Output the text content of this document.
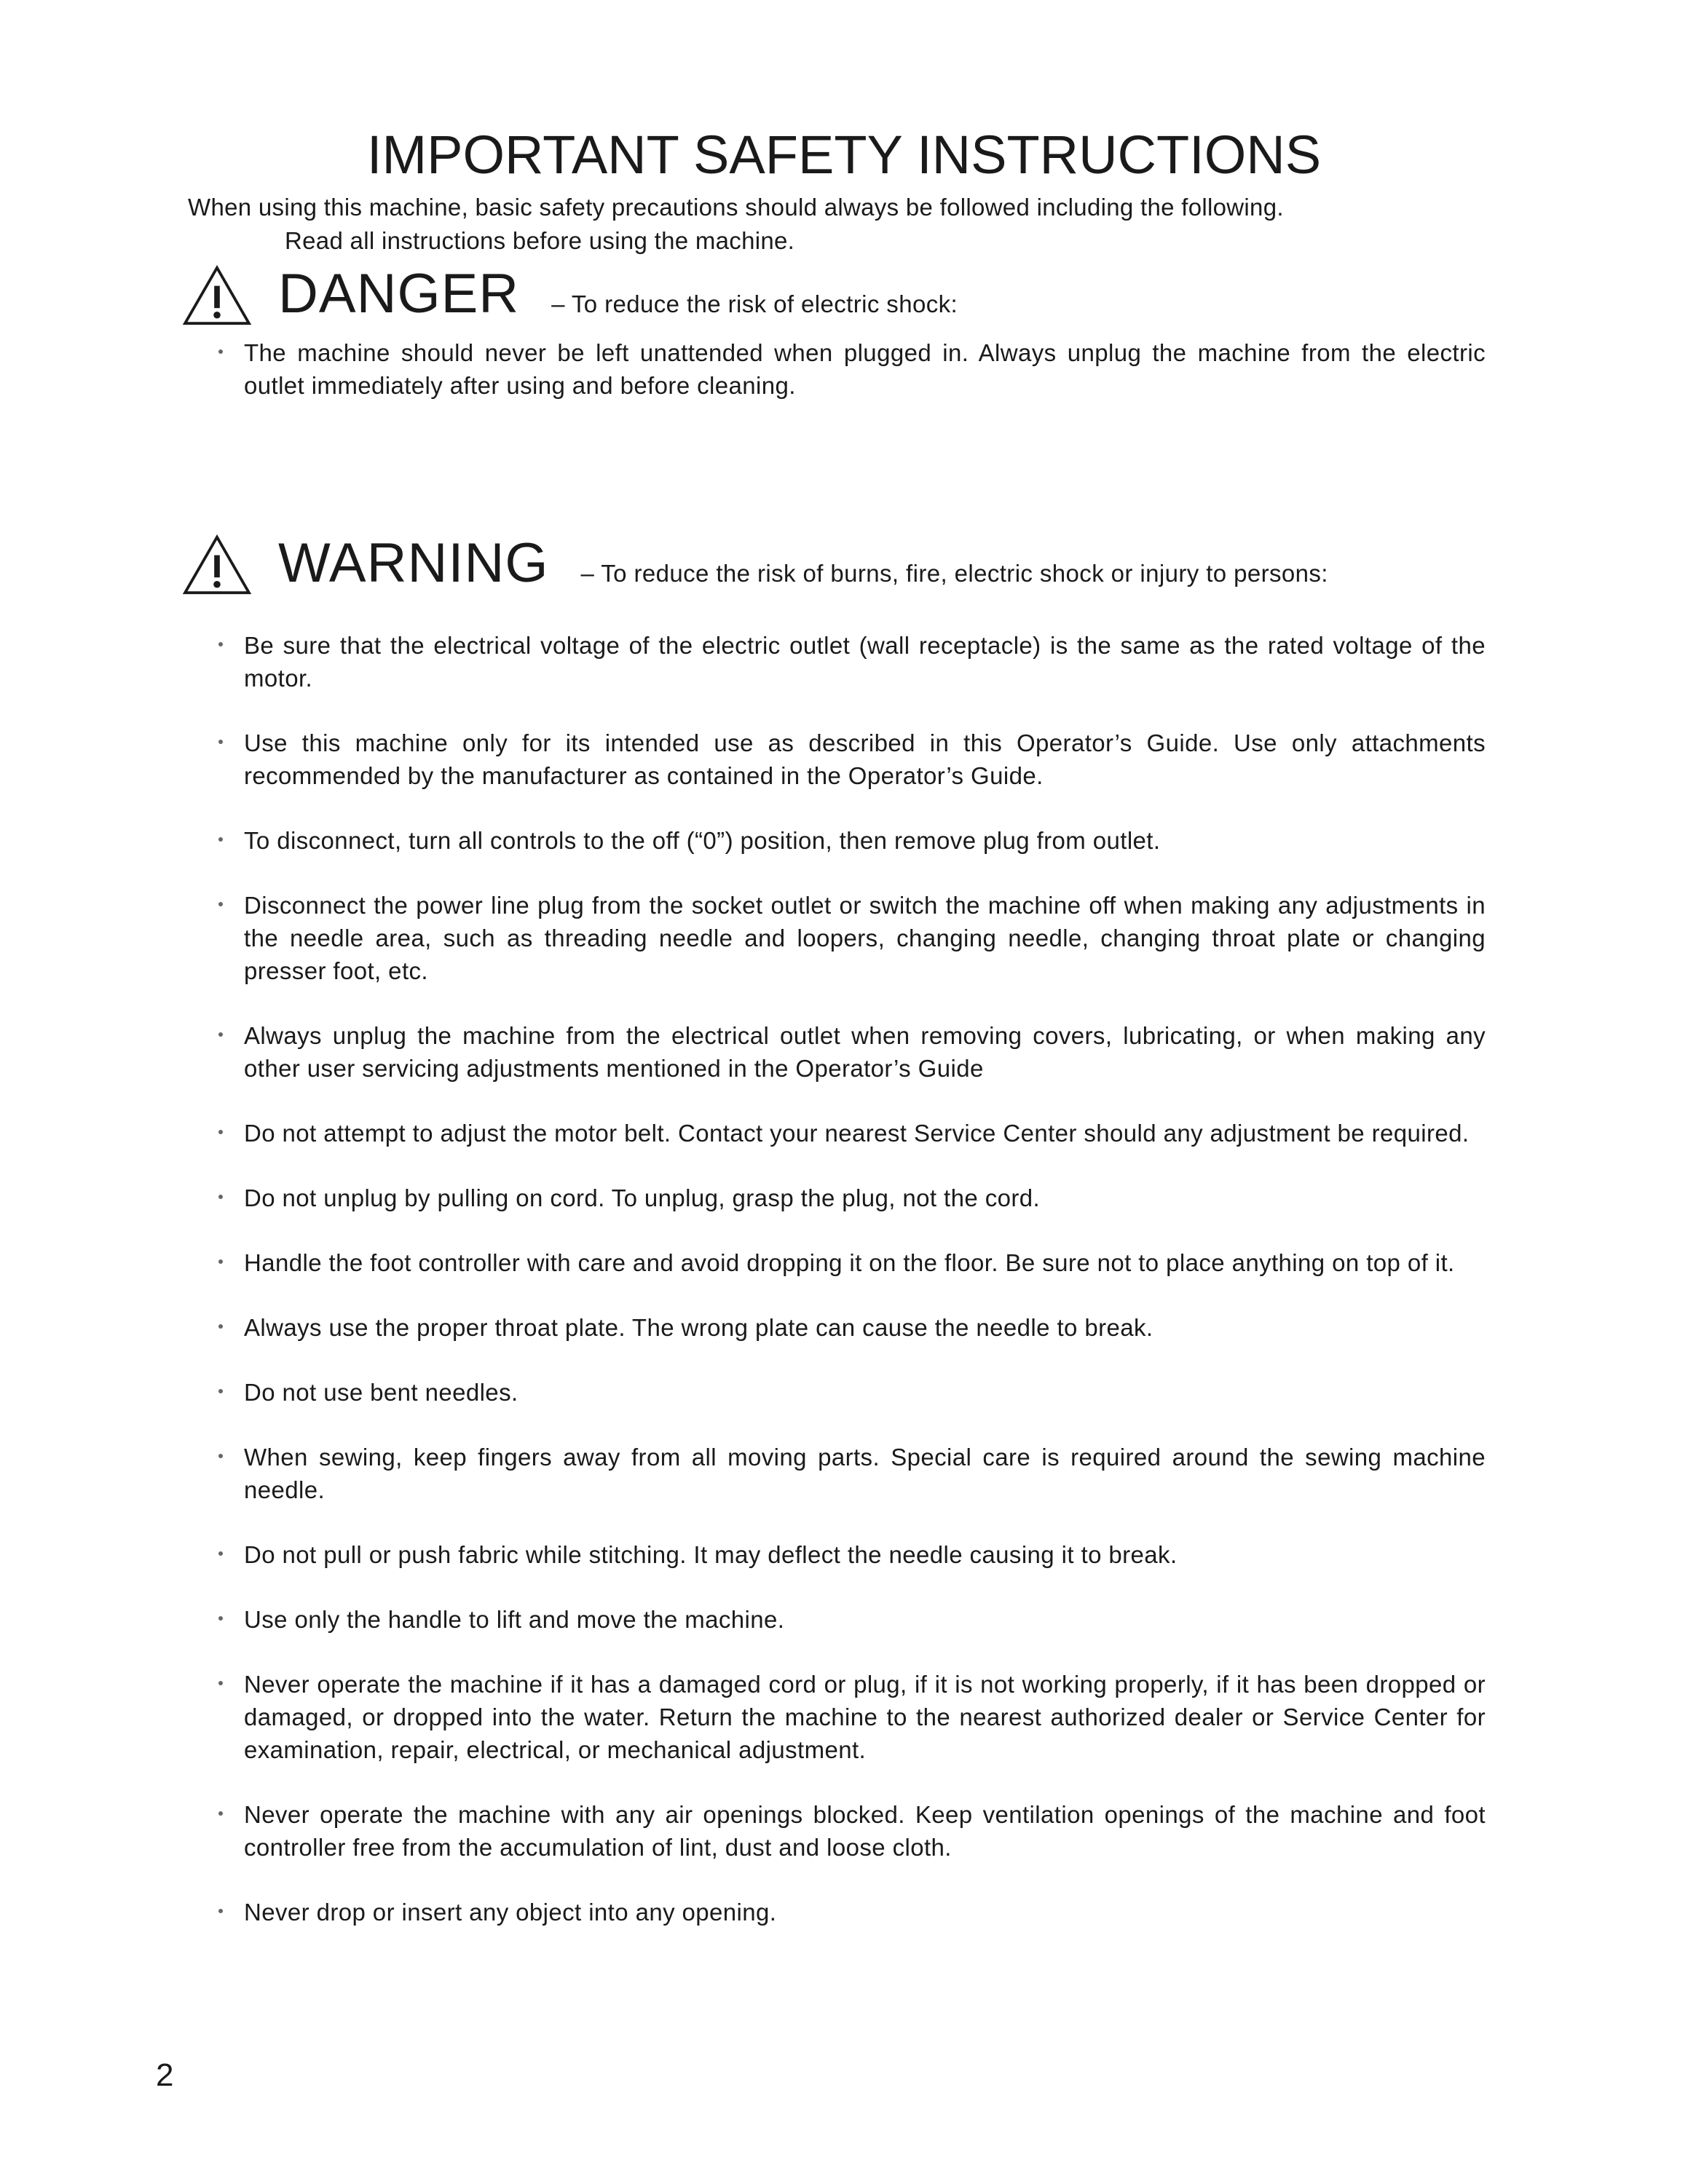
IMPORTANT SAFETY INSTRUCTIONS
When using this machine, basic safety precautions should always be followed including the following.
Read all instructions before using the machine.
DANGER – To reduce the risk of electric shock:
The machine should never be left unattended when plugged in. Always unplug the machine from the electric outlet immediately after using and before cleaning.
WARNING – To reduce the risk of burns, fire, electric shock or injury to persons:
Be sure that the electrical voltage of the electric outlet (wall receptacle) is the same as the rated voltage of the motor.
Use this machine only for its intended use as described in this Operator’s Guide. Use only attachments recommended by the manufacturer as contained in the Operator’s Guide.
To disconnect, turn all controls to the off (“0”) position, then remove plug from outlet.
Disconnect the power line plug from the socket outlet or switch the machine off when making any adjustments in the needle area, such as threading needle and loopers, changing needle, changing throat plate or changing presser foot, etc.
Always unplug the machine from the electrical outlet when removing covers, lubricating, or when making any other user servicing adjustments mentioned in the Operator’s Guide
Do not attempt to adjust the motor belt. Contact your nearest Service Center should any adjustment be required.
Do not unplug by pulling on cord. To unplug, grasp the plug, not the cord.
Handle the foot controller with care and avoid dropping it on the floor. Be sure not to place anything on top of it.
Always use the proper throat plate. The wrong plate can cause the needle to break.
Do not use bent needles.
When sewing, keep fingers away from all moving parts. Special care is required around the sewing machine needle.
Do not pull or push fabric while stitching. It may deflect the needle causing it to break.
Use only the handle to lift and move the machine.
Never operate the machine if it has a damaged cord or plug, if it is not working properly, if it has been dropped or damaged, or dropped into the water. Return the machine to the nearest authorized dealer or Service Center for examination, repair, electrical, or mechanical adjustment.
Never operate the machine with any air openings blocked. Keep ventilation openings of the machine and foot controller free from the accumulation of lint, dust and loose cloth.
Never drop or insert any object into any opening.
2
